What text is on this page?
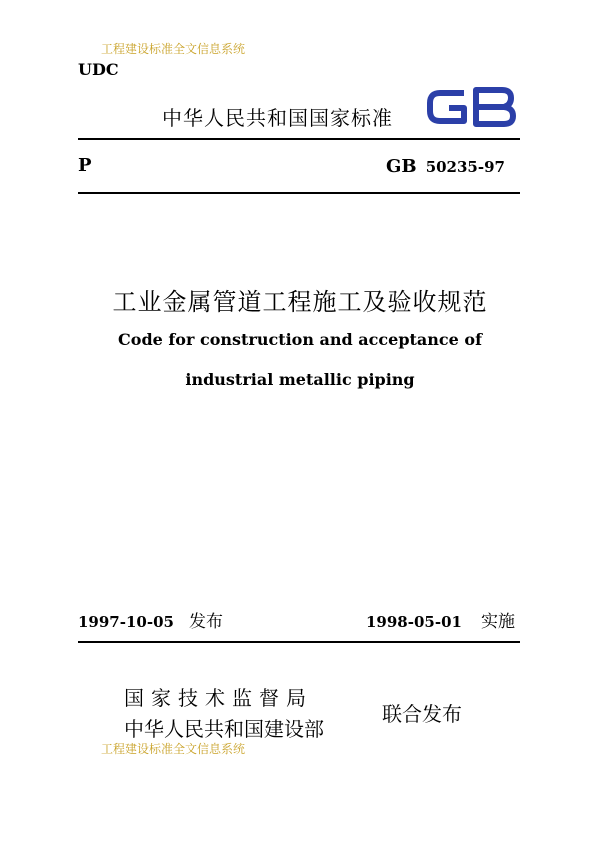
工程建设标准全文信息系统
UDC
中华人民共和国国家标准
P	GB 50235-97
工业金属管道工程施工及验收规范
Code for construction and acceptance of
industrial metallic piping
1997-10-05 发布	1998-05-01 实施
国家技术监督局
中华人民共和国建设部
联合发布
工程建设标准全文信息系统
